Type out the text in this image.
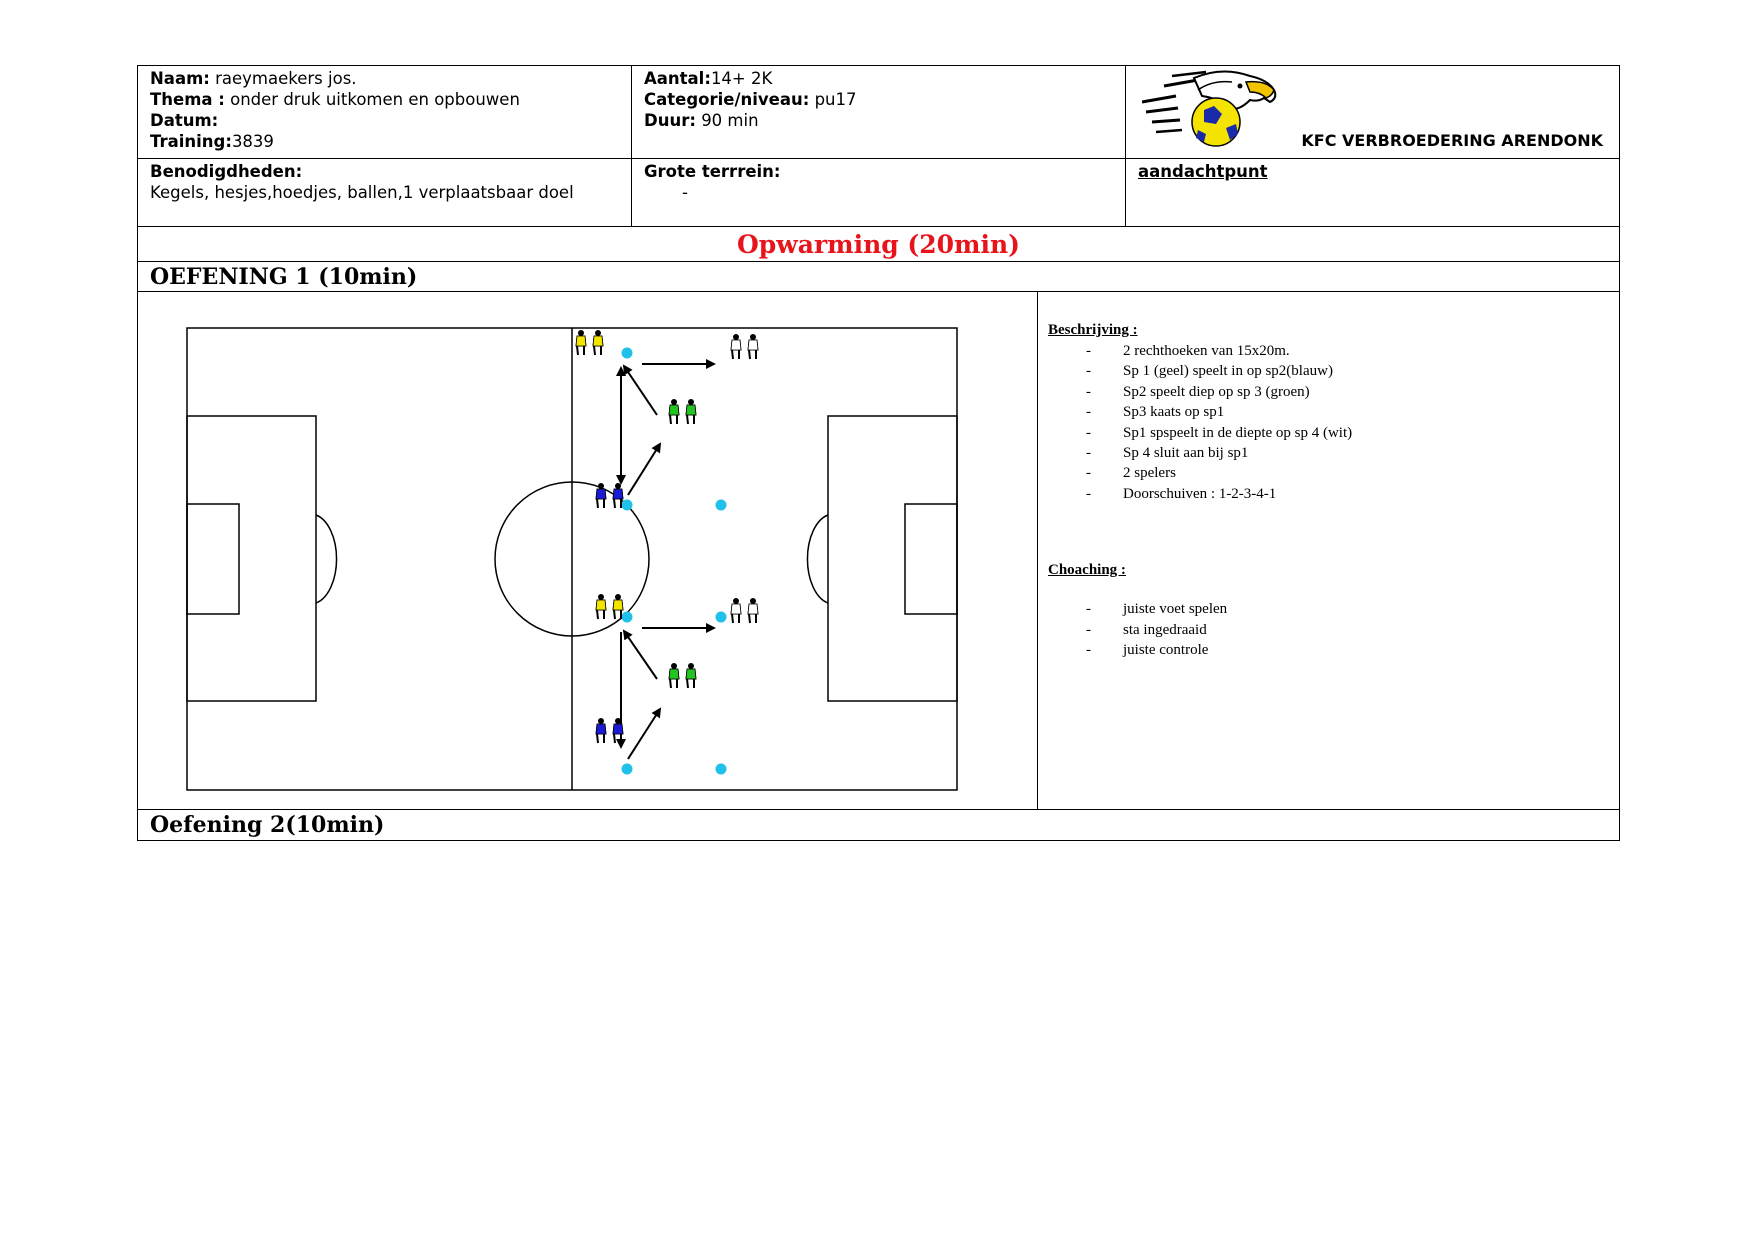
Naam: raeymaekers jos.
Thema : onder druk uitkomen en opbouwen
Datum:
Training:3839
Aantal:14+ 2K
Categorie/niveau: pu17
Duur: 90 min
KFC VERBROEDERING ARENDONK
Benodigdheden:
Kegels, hesjes,hoedjes, ballen,1 verplaatsbaar doel
Grote terrrein:
-
aandachtpunt
Opwarming (20min)
OEFENING 1 (10min)
Beschrijving :
- 2 rechthoeken van 15x20m.
- Sp 1 (geel) speelt in op sp2(blauw)
- Sp2 speelt diep op sp 3 (groen)
- Sp3 kaats op sp1
- Sp1 spspeelt in de diepte op sp 4 (wit)
- Sp 4 sluit aan bij sp1
- 2 spelers
- Doorschuiven : 1-2-3-4-1
Choaching :
- juiste voet spelen
- sta ingedraaid
- juiste controle
Oefening 2(10min)
